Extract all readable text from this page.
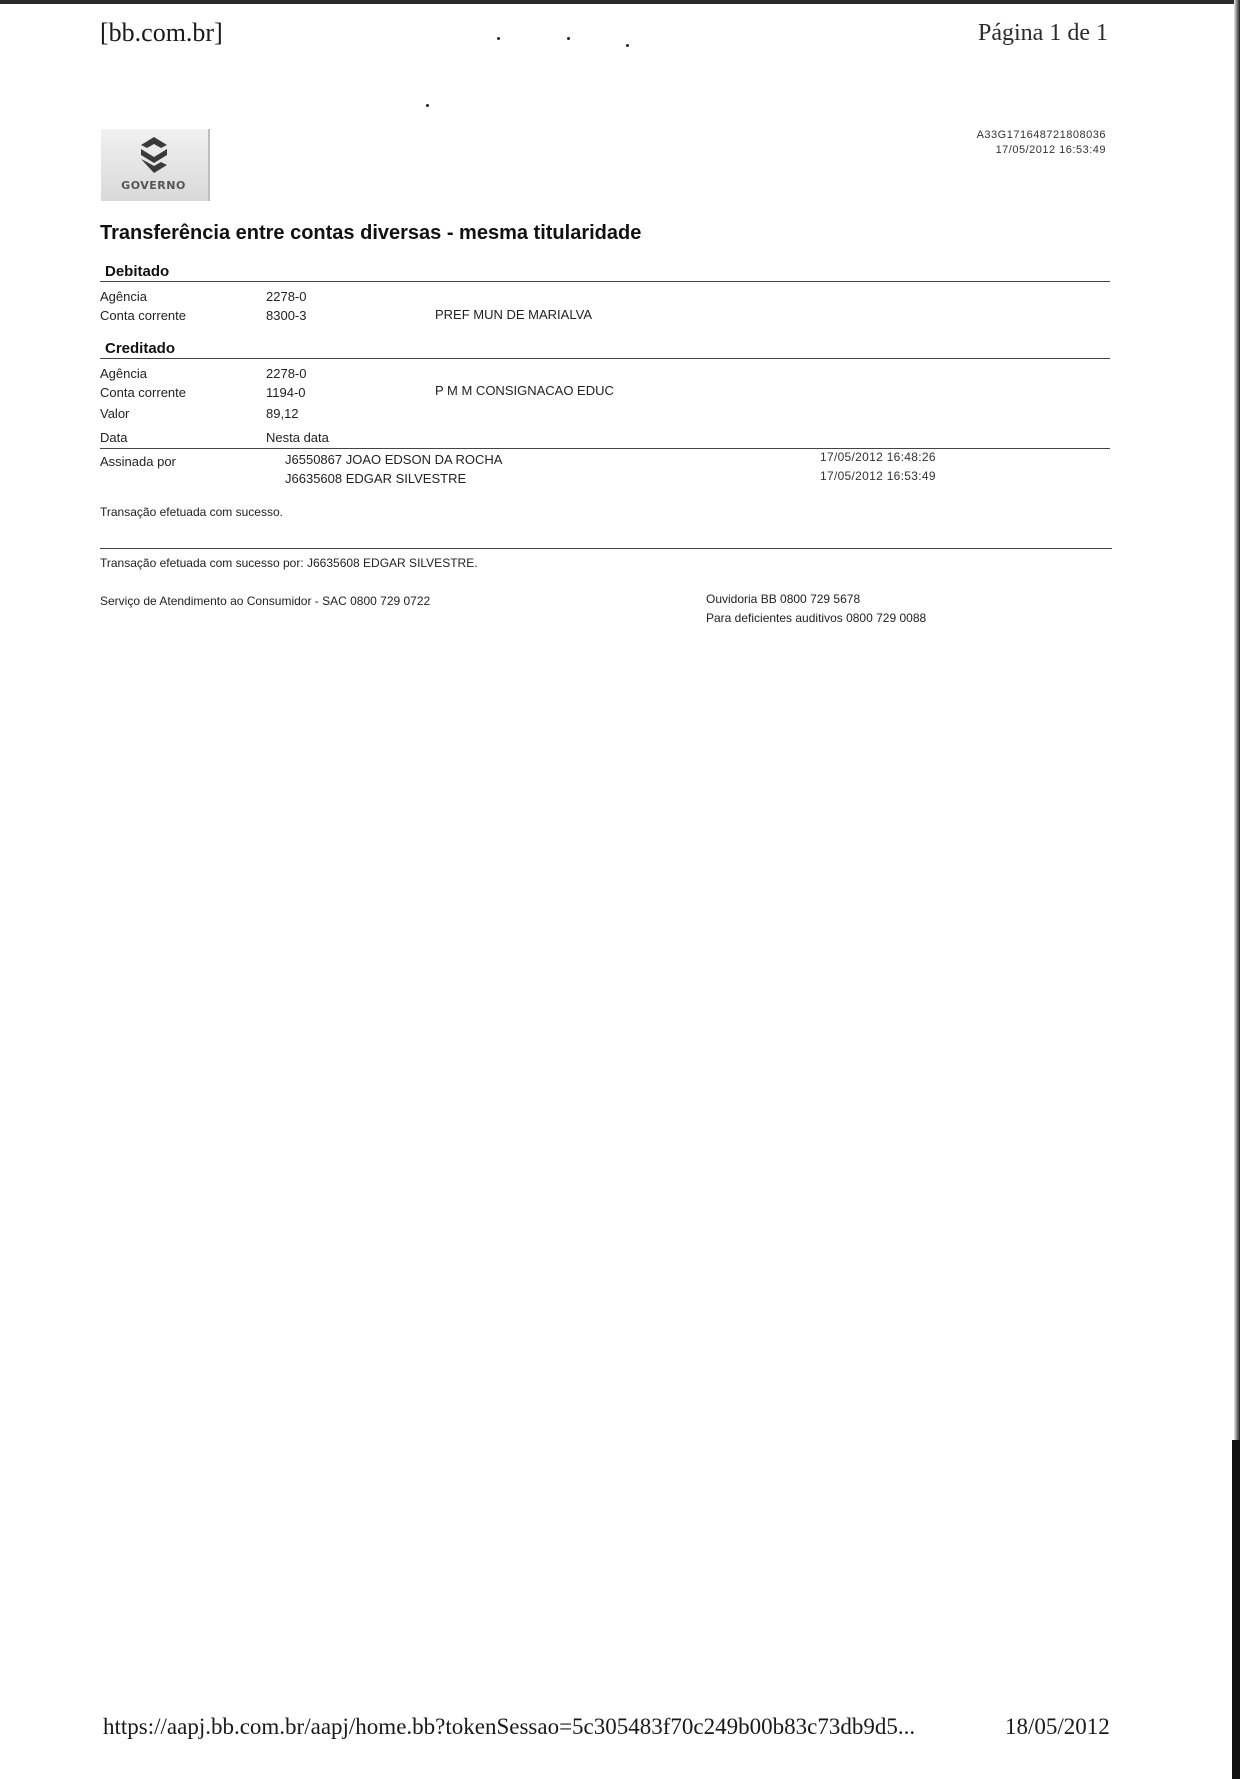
[bb.com.br]	Página 1 de 1
GOVERNO
A33G171648721808036
17/05/2012 16:53:49
Transferência entre contas diversas - mesma titularidade
Debitado
Agência	2278-0
Conta corrente	8300-3	PREF MUN DE MARIALVA
Creditado
Agência	2278-0
Conta corrente	1194-0	P M M CONSIGNACAO EDUC
Valor	89,12
Data	Nesta data
Assinada por	J6550867 JOAO EDSON DA ROCHA	17/05/2012 16:48:26
J6635608 EDGAR SILVESTRE	17/05/2012 16:53:49
Transação efetuada com sucesso.
Transação efetuada com sucesso por: J6635608 EDGAR SILVESTRE.
Serviço de Atendimento ao Consumidor - SAC 0800 729 0722	Ouvidoria BB 0800 729 5678
Para deficientes auditivos 0800 729 0088
https://aapj.bb.com.br/aapj/home.bb?tokenSessao=5c305483f70c249b00b83c73db9d5...	18/05/2012
